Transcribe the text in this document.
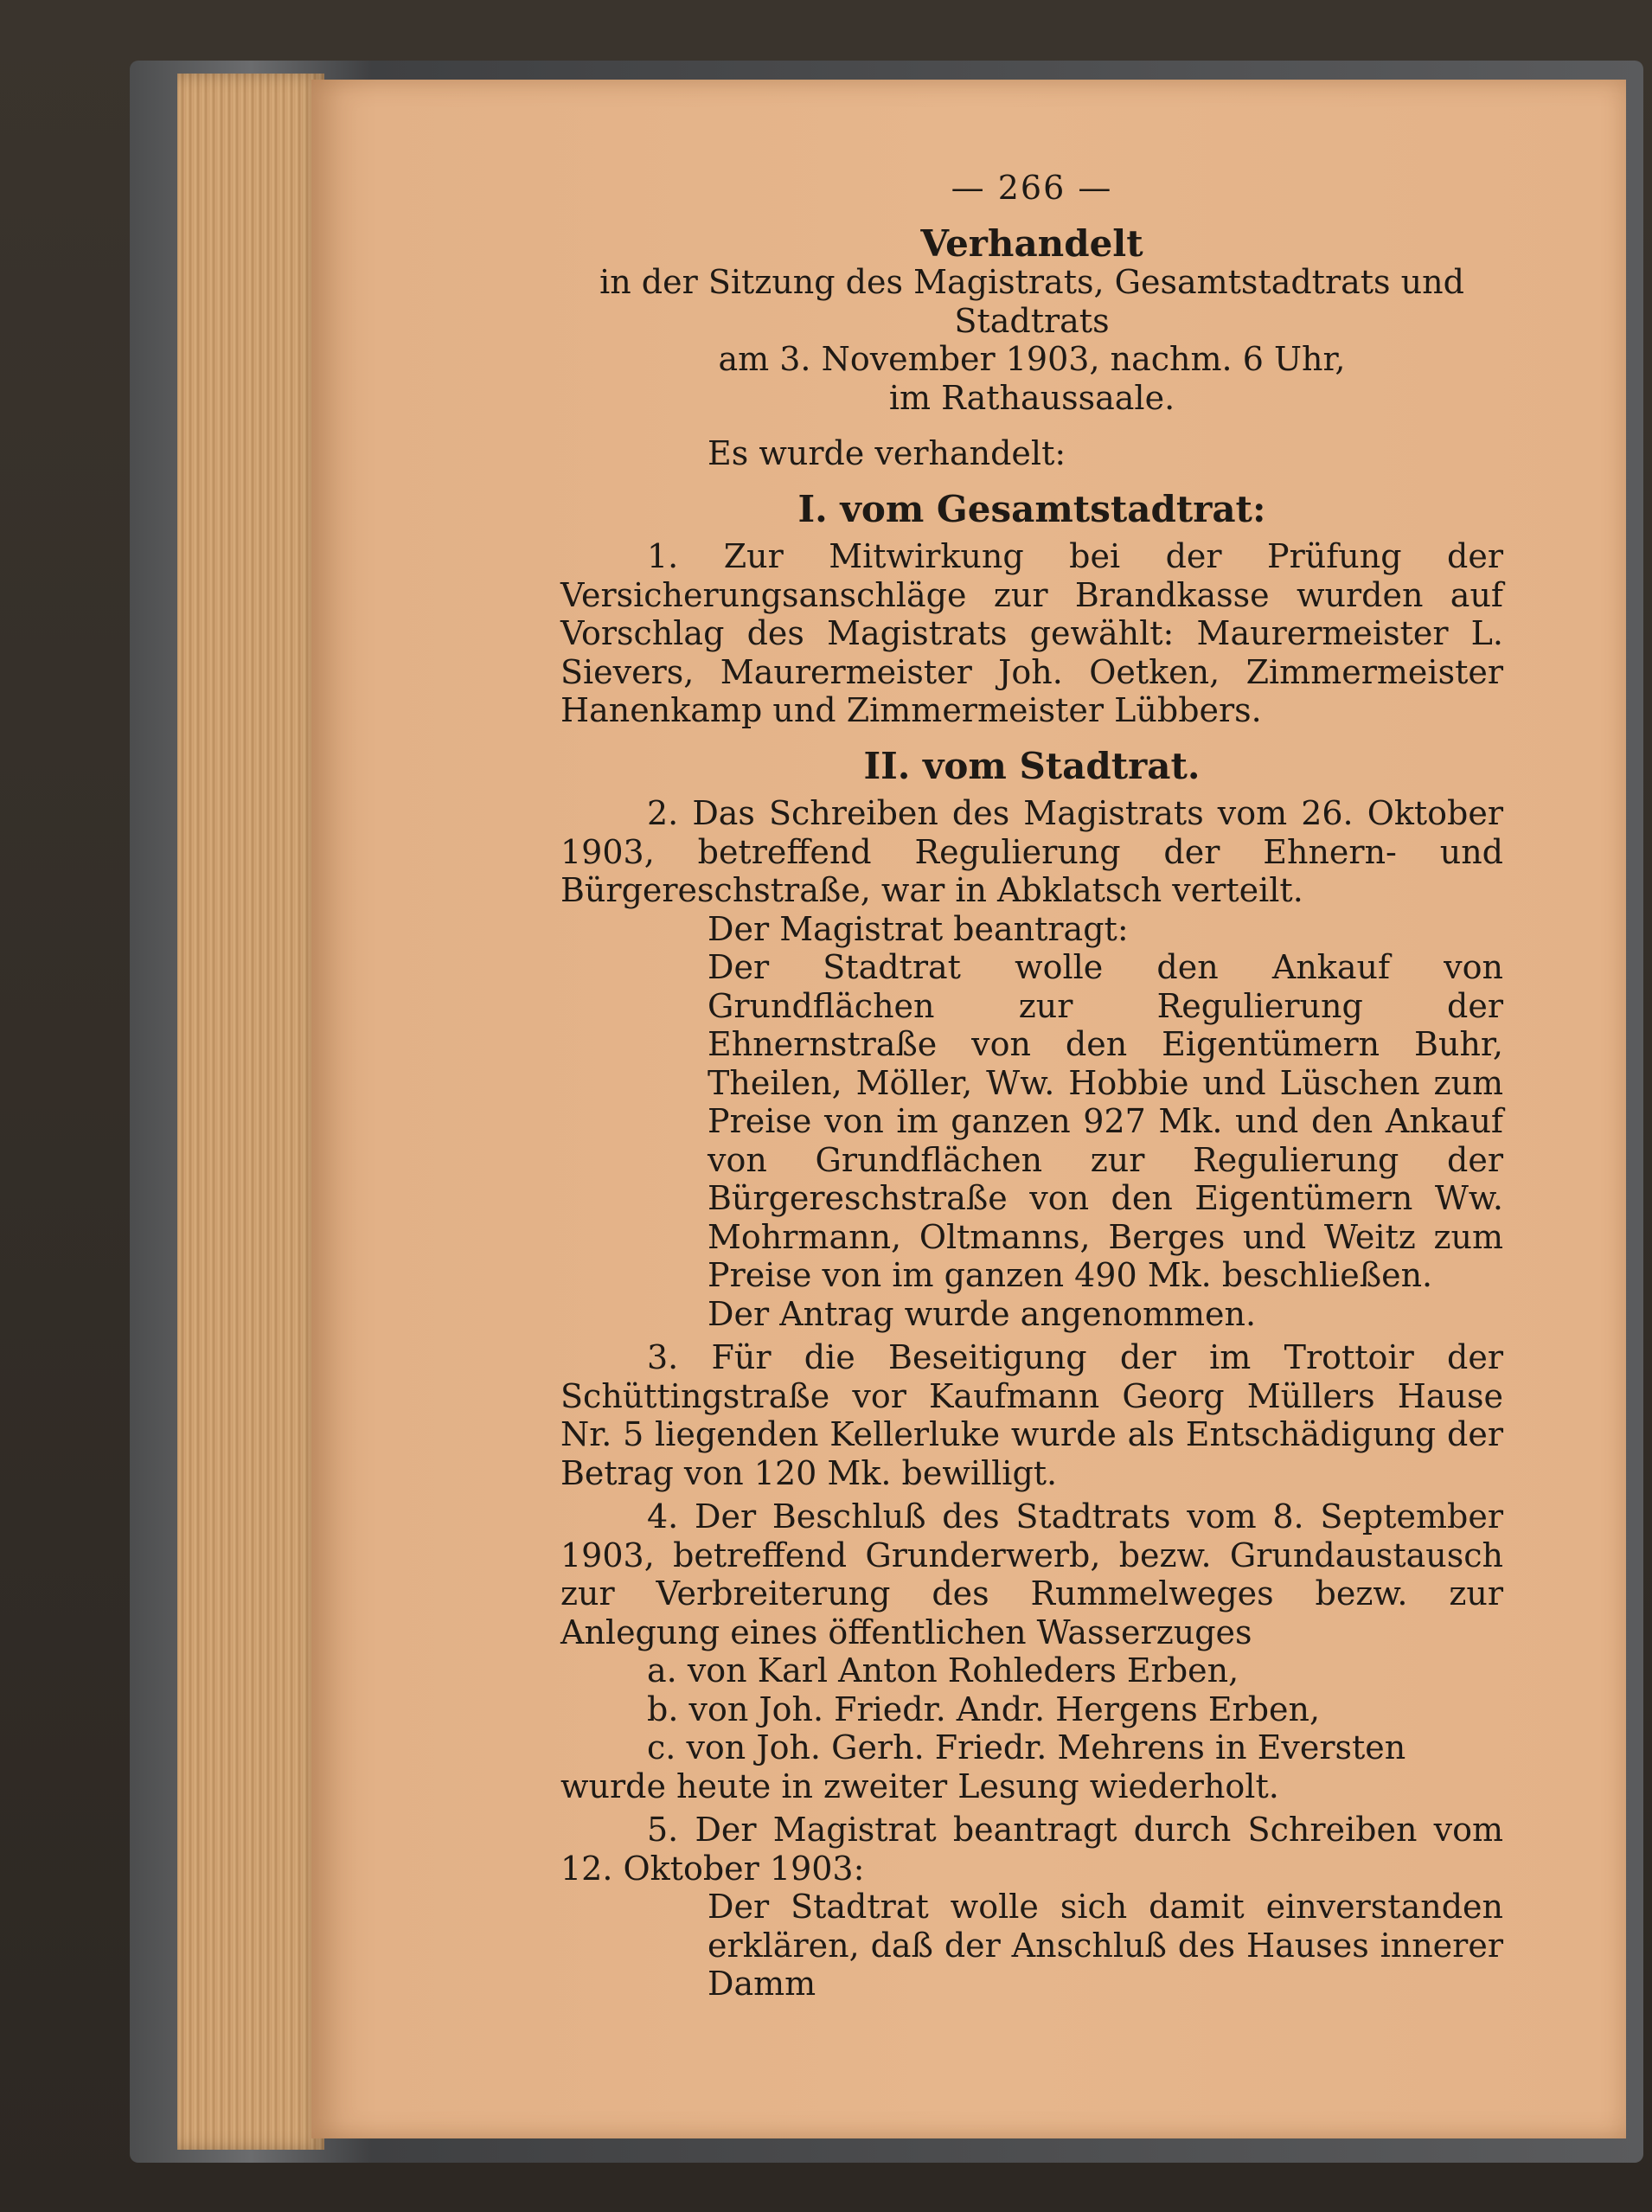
— 266 —
Verhandelt
in der Sitzung des Magistrats, Gesamtstadtrats und Stadtrats
am 3. November 1903, nachm. 6 Uhr,
im Rathaussaale.
Es wurde verhandelt:
I. vom Gesamtstadtrat:

1. Zur Mitwirkung bei der Prüfung der Versicherungsanschläge zur Brandkasse wurden auf Vorschlag des Magistrats gewählt: Maurermeister L. Sievers, Maurermeister Joh. Oetken, Zimmermeister Hanenkamp und Zimmermeister Lübbers.

II. vom Stadtrat.

2. Das Schreiben des Magistrats vom 26. Oktober 1903, betreffend Regulierung der Ehnern- und Bürgereschstraße, war in Abklatsch verteilt.

Der Magistrat beantragt:

Der Stadtrat wolle den Ankauf von Grundflächen zur Regulierung der Ehnernstraße von den Eigentümern Buhr, Theilen, Möller, Ww. Hobbie und Lüschen zum Preise von im ganzen 927 Mk. und den Ankauf von Grundflächen zur Regulierung der Bürgereschstraße von den Eigentümern Ww. Mohrmann, Oltmanns, Berges und Weitz zum Preise von im ganzen 490 Mk. beschließen.

Der Antrag wurde angenommen.

3. Für die Beseitigung der im Trottoir der Schüttingstraße vor Kaufmann Georg Müllers Hause Nr. 5 liegenden Kellerluke wurde als Entschädigung der Betrag von 120 Mk. bewilligt.

4. Der Beschluß des Stadtrats vom 8. September 1903, betreffend Grunderwerb, bezw. Grundaustausch zur Verbreiterung des Rummelweges bezw. zur Anlegung eines öffentlichen Wasserzuges

a. von Karl Anton Rohleders Erben,
b. von Joh. Friedr. Andr. Hergens Erben,
c. von Joh. Gerh. Friedr. Mehrens in Eversten
wurde heute in zweiter Lesung wiederholt.

5. Der Magistrat beantragt durch Schreiben vom 12. Oktober 1903:

Der Stadtrat wolle sich damit einverstanden erklären, daß der Anschluß des Hauses innerer Damm
